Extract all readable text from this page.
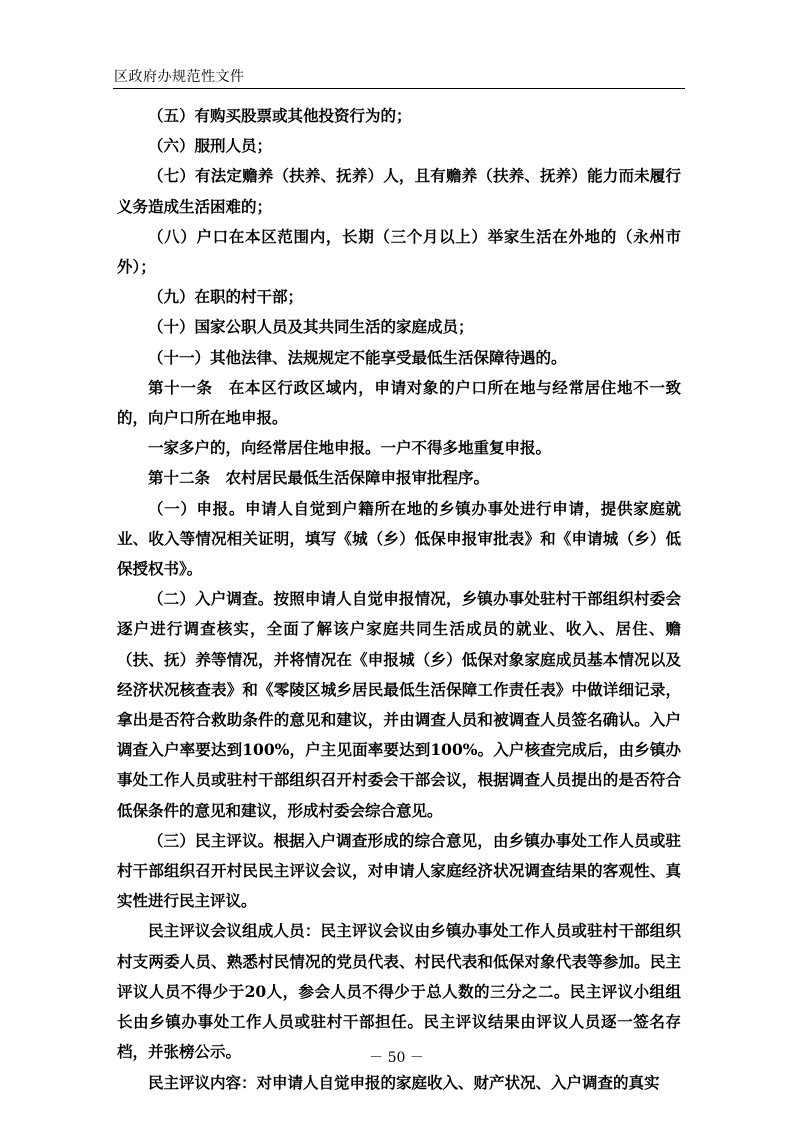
区政府办规范性文件

（五）有购买股票或其他投资行为的；

（六）服刑人员；

（七）有法定赡养（扶养、抚养）人，且有赡养（扶养、抚养）能力而未履行义务造成生活困难的；

（八）户口在本区范围内，长期（三个月以上）举家生活在外地的（永州市外）；

（九）在职的村干部；

（十）国家公职人员及其共同生活的家庭成员；

（十一）其他法律、法规规定不能享受最低生活保障待遇的。

第十一条　在本区行政区域内，申请对象的户口所在地与经常居住地不一致的，向户口所在地申报。

一家多户的，向经常居住地申报。一户不得多地重复申报。

第十二条　农村居民最低生活保障申报审批程序。

（一）申报。申请人自觉到户籍所在地的乡镇办事处进行申请，提供家庭就业、收入等情况相关证明，填写《城（乡）低保申报审批表》和《申请城（乡）低保授权书》。

（二）入户调查。按照申请人自觉申报情况，乡镇办事处驻村干部组织村委会逐户进行调查核实，全面了解该户家庭共同生活成员的就业、收入、居住、赡（扶、抚）养等情况，并将情况在《申报城（乡）低保对象家庭成员基本情况以及经济状况核查表》和《零陵区城乡居民最低生活保障工作责任表》中做详细记录，拿出是否符合救助条件的意见和建议，并由调查人员和被调查人员签名确认。入户调查入户率要达到100%，户主见面率要达到100%。入户核查完成后，由乡镇办事处工作人员或驻村干部组织召开村委会干部会议，根据调查人员提出的是否符合低保条件的意见和建议，形成村委会综合意见。

（三）民主评议。根据入户调查形成的综合意见，由乡镇办事处工作人员或驻村干部组织召开村民民主评议会议，对申请人家庭经济状况调查结果的客观性、真实性进行民主评议。

民主评议会议组成人员：民主评议会议由乡镇办事处工作人员或驻村干部组织村支两委人员、熟悉村民情况的党员代表、村民代表和低保对象代表等参加。民主评议人员不得少于20人，参会人员不得少于总人数的三分之二。民主评议小组组长由乡镇办事处工作人员或驻村干部担任。民主评议结果由评议人员逐一签名存档，并张榜公示。

民主评议内容：对申请人自觉申报的家庭收入、财产状况、入户调查的真实

－ 50 －
